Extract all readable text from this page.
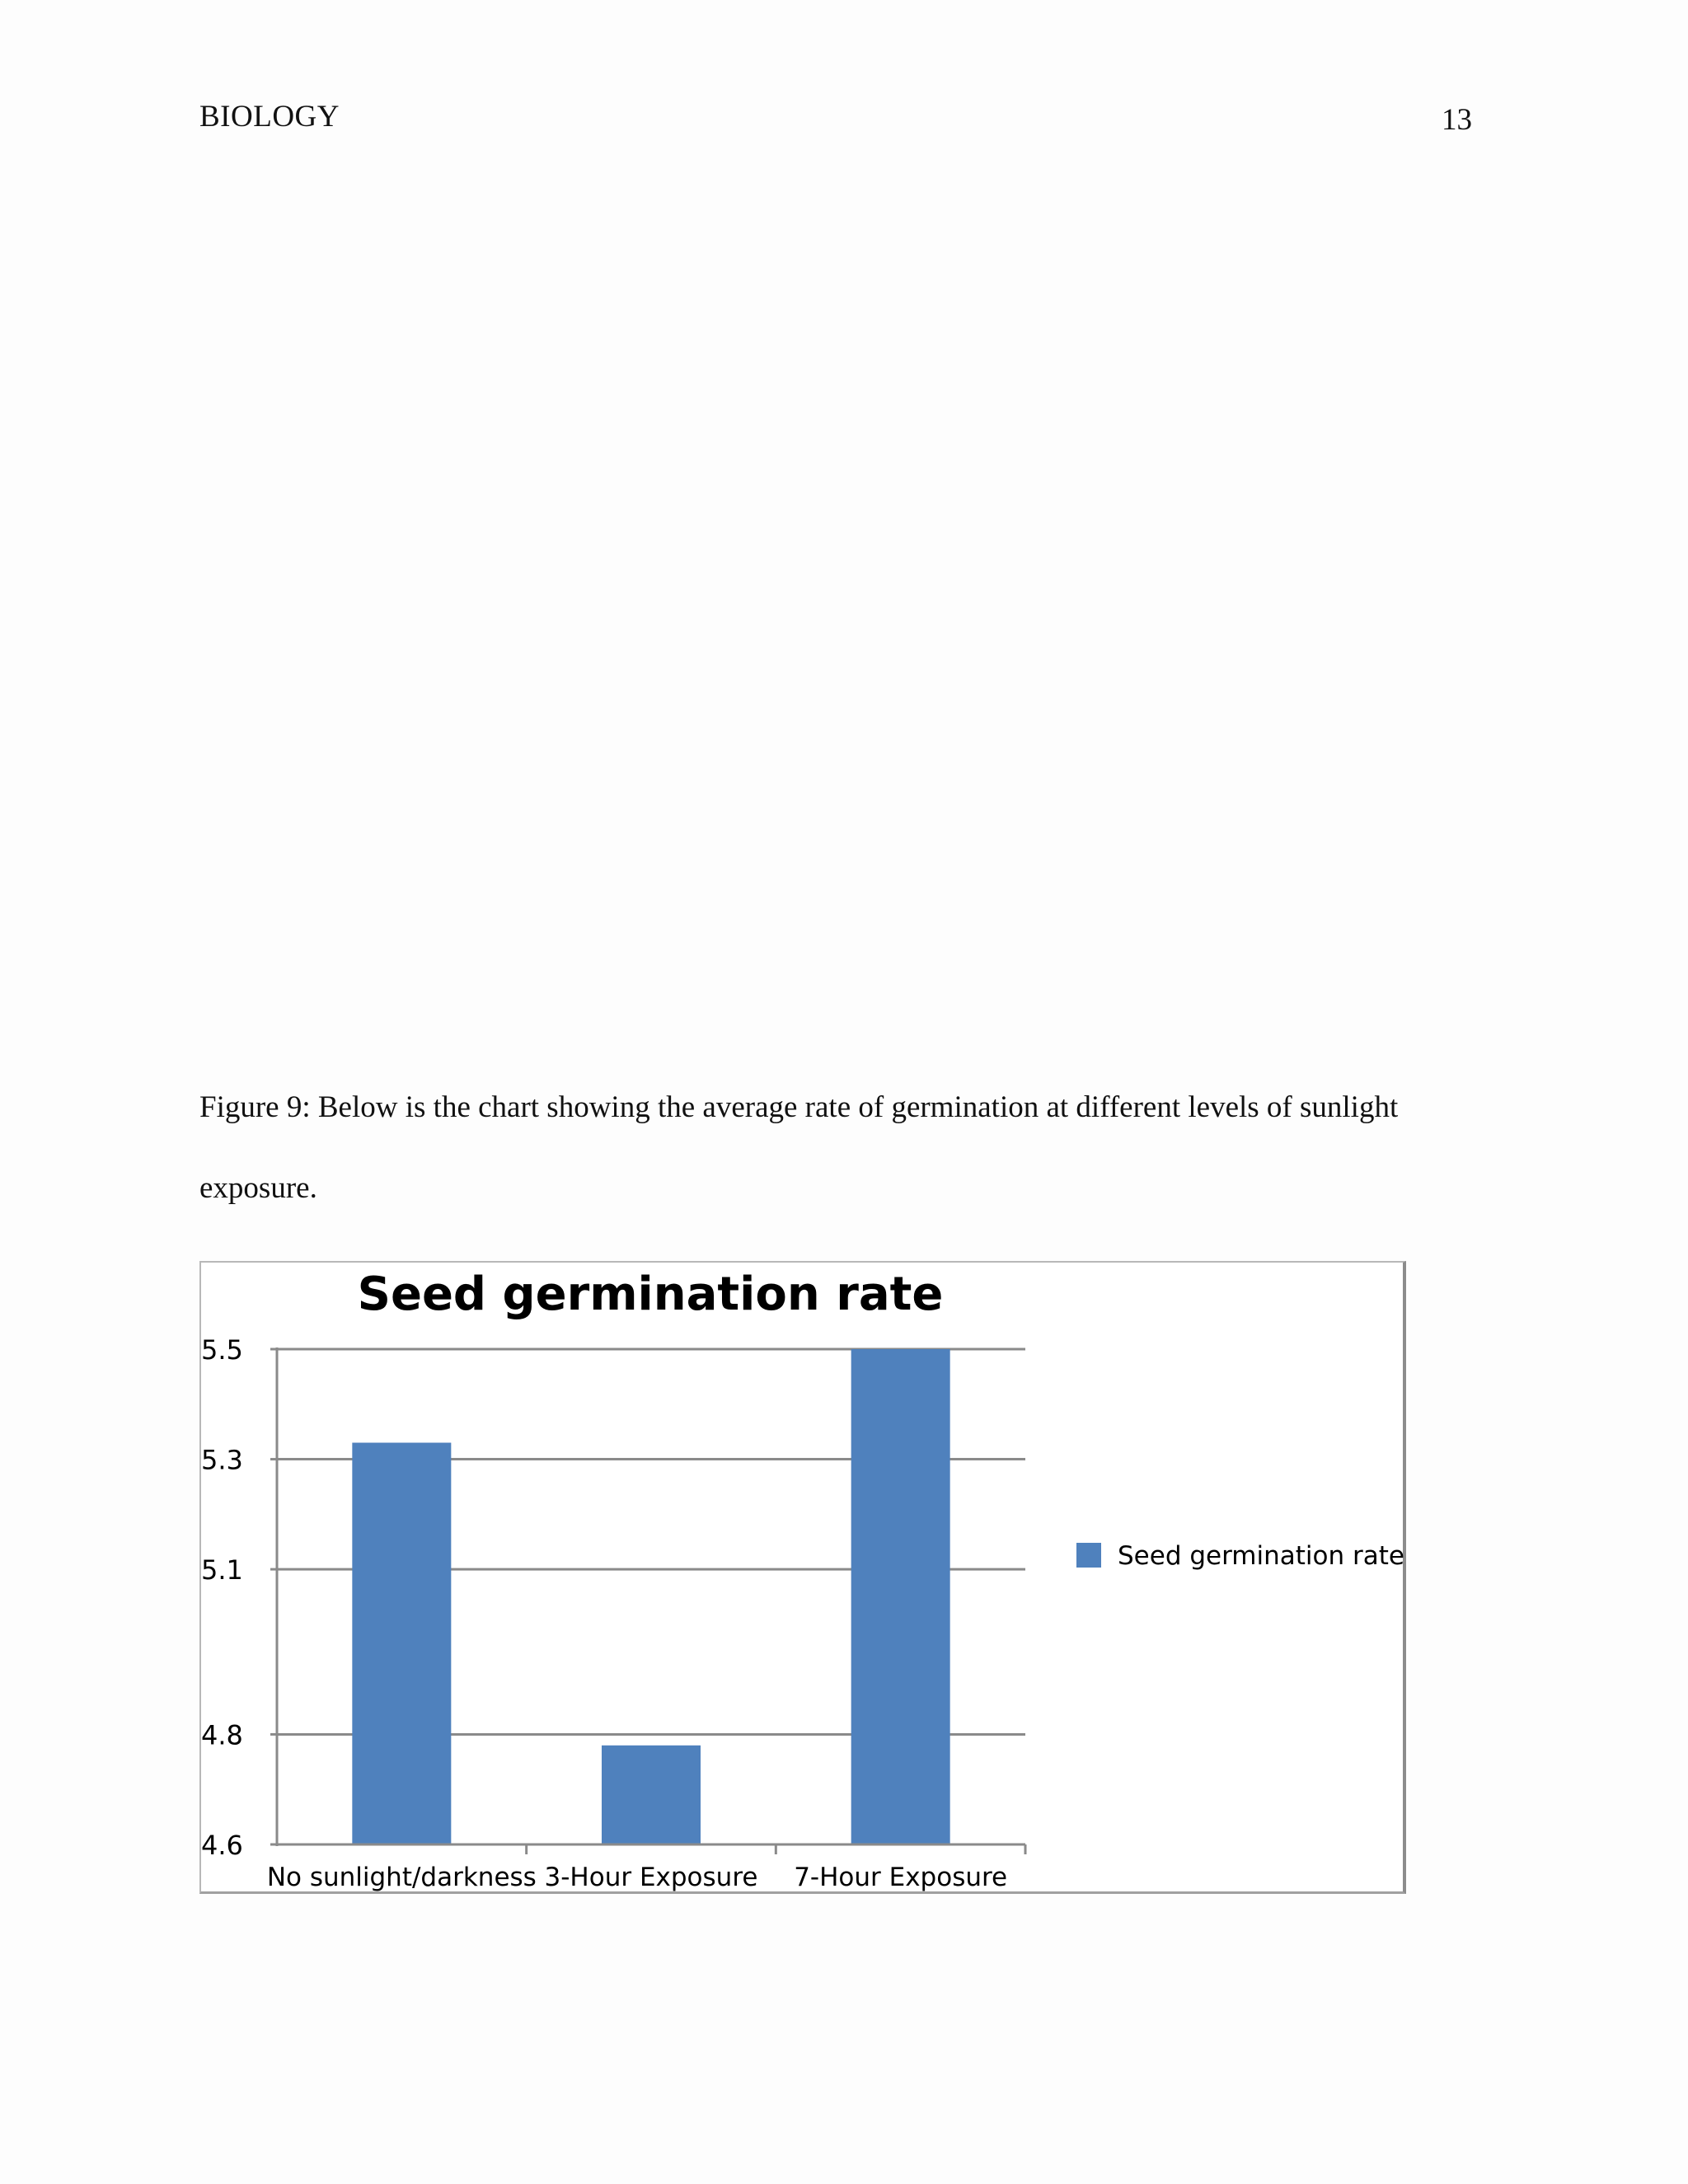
BIOLOGY	13
Figure 9: Below is the chart showing the average rate of germination at different levels of sunlight exposure.
Seed germination rate
5.5
5.3
5.1
4.8
4.6
No sunlight/darkness 3-Hour Exposure 7-Hour Exposure
Seed germination rate
